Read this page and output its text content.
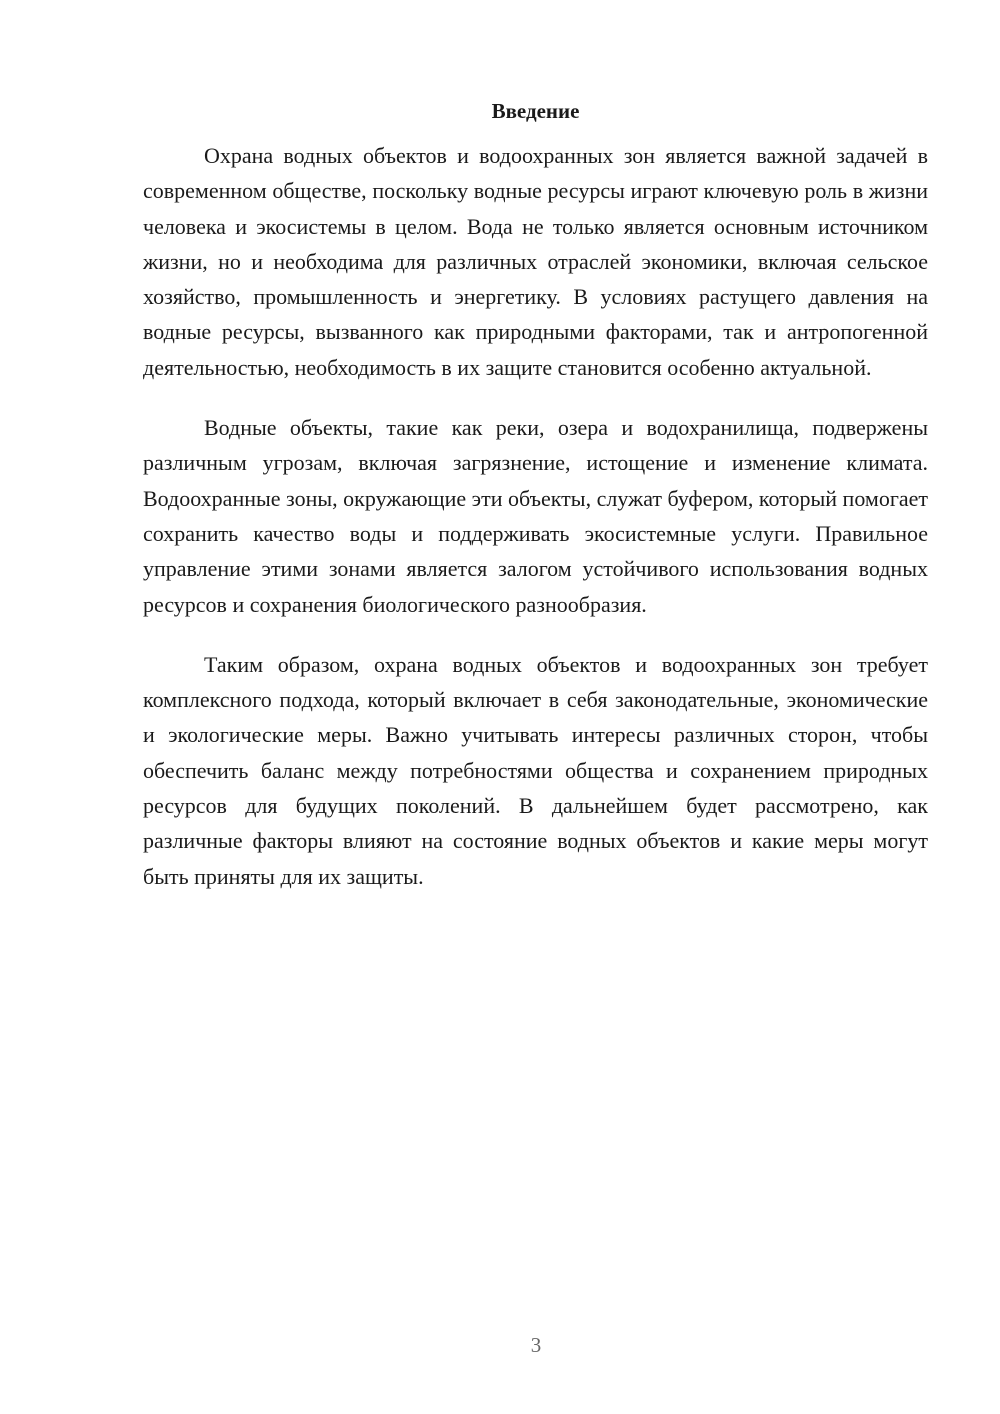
Введение

Охрана водных объектов и водоохранных зон является важной задачей в современном обществе, поскольку водные ресурсы играют ключевую роль в жизни человека и экосистемы в целом. Вода не только является основным источником жизни, но и необходима для различных отраслей экономики, включая сельское хозяйство, промышленность и энергетику. В условиях растущего давления на водные ресурсы, вызванного как природными факторами, так и антропогенной деятельностью, необходимость в их защите становится особенно актуальной.

Водные объекты, такие как реки, озера и водохранилища, подвержены различным угрозам, включая загрязнение, истощение и изменение климата. Водоохранные зоны, окружающие эти объекты, служат буфером, который помогает сохранить качество воды и поддерживать экосистемные услуги. Правильное управление этими зонами является залогом устойчивого использования водных ресурсов и сохранения биологического разнообразия.

Таким образом, охрана водных объектов и водоохранных зон требует комплексного подхода, который включает в себя законодательные, экономические и экологические меры. Важно учитывать интересы различных сторон, чтобы обеспечить баланс между потребностями общества и сохранением природных ресурсов для будущих поколений. В дальнейшем будет рассмотрено, как различные факторы влияют на состояние водных объектов и какие меры могут быть приняты для их защиты.

3
